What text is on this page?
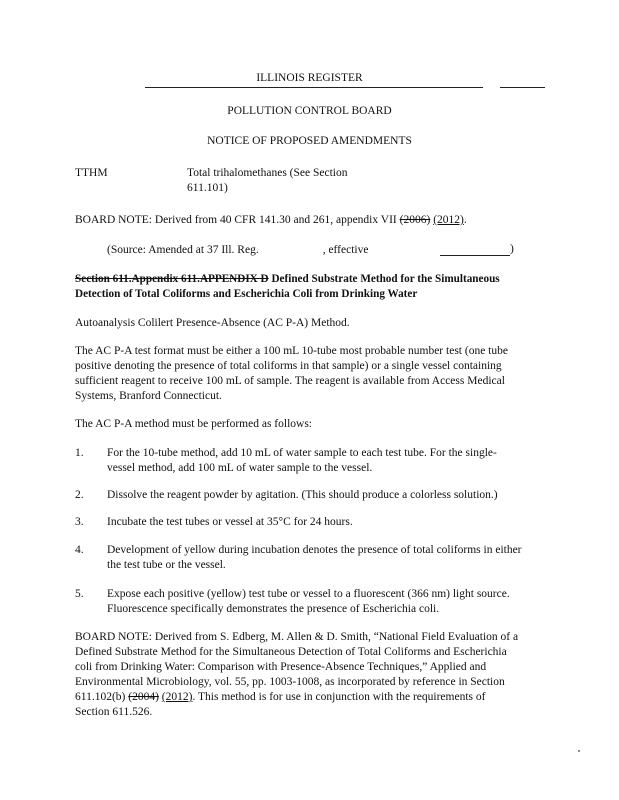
ILLINOIS REGISTER
POLLUTION CONTROL BOARD
NOTICE OF PROPOSED AMENDMENTS
TTHM	Total trihalomethanes (See Section
611.101)
BOARD NOTE: Derived from 40 CFR 141.30 and 261, appendix VII (2006) (2012).
(Source: Amended at 37 Ill. Reg.	, effective	)
Section 611.Appendix 611.APPENDIX D Defined Substrate Method for the Simultaneous
Detection of Total Coliforms and Escherichia Coli from Drinking Water
Autoanalysis Colilert Presence-Absence (AC P-A) Method.
The AC P-A test format must be either a 100 mL 10-tube most probable number test (one tube
positive denoting the presence of total coliforms in that sample) or a single vessel containing
sufficient reagent to receive 100 mL of sample. The reagent is available from Access Medical
Systems, Branford Connecticut.
The AC P-A method must be performed as follows:
1.	For the 10-tube method, add 10 mL of water sample to each test tube. For the single-
vessel method, add 100 mL of water sample to the vessel.
2.	Dissolve the reagent powder by agitation. (This should produce a colorless solution.)
3.	Incubate the test tubes or vessel at 35°C for 24 hours.
4.	Development of yellow during incubation denotes the presence of total coliforms in either
the test tube or the vessel.
5.	Expose each positive (yellow) test tube or vessel to a fluorescent (366 nm) light source.
Fluorescence specifically demonstrates the presence of Escherichia coli.
BOARD NOTE: Derived from S. Edberg, M. Allen & D. Smith, “National Field Evaluation of a
Defined Substrate Method for the Simultaneous Detection of Total Coliforms and Escherichia
coli from Drinking Water: Comparison with Presence-Absence Techniques,” Applied and
Environmental Microbiology, vol. 55, pp. 1003-1008, as incorporated by reference in Section
611.102(b) (2004) (2012). This method is for use in conjunction with the requirements of
Section 611.526.
